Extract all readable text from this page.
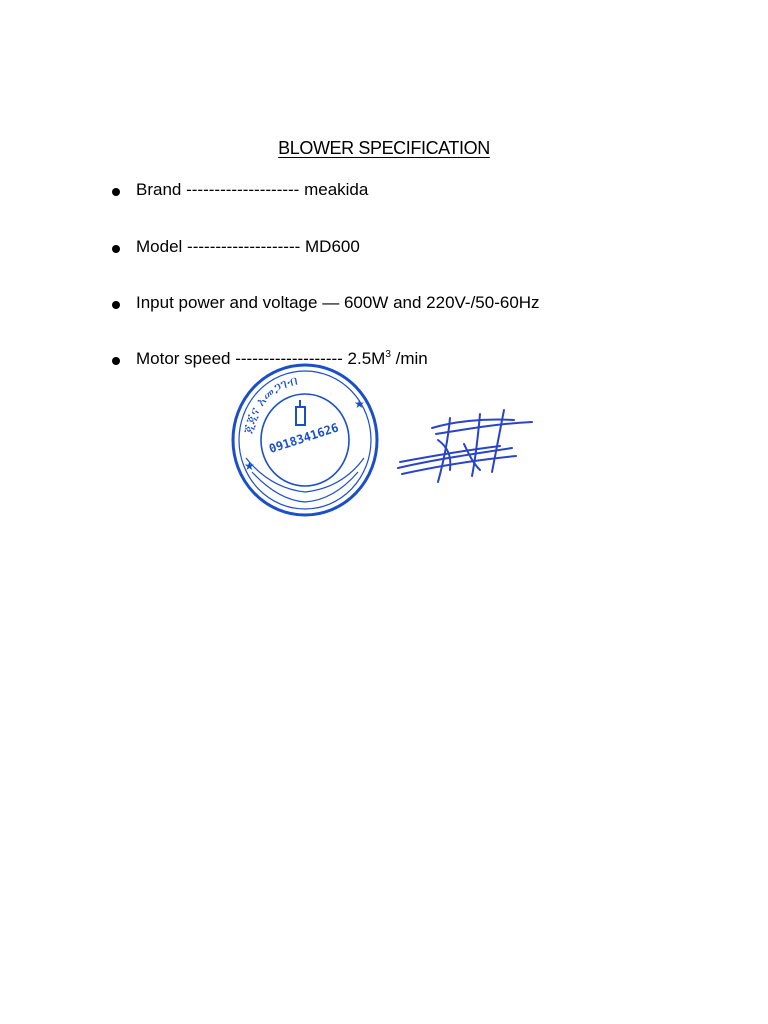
BLOWER SPECIFICATION
Brand -------------------- meakida
Model -------------------- MD600
Input power and voltage — 600W and 220V-/50-60Hz
Motor speed ------------------- $2.5M^3$ /min
★
★
ጂጂና አመጋገብ
0918341626
